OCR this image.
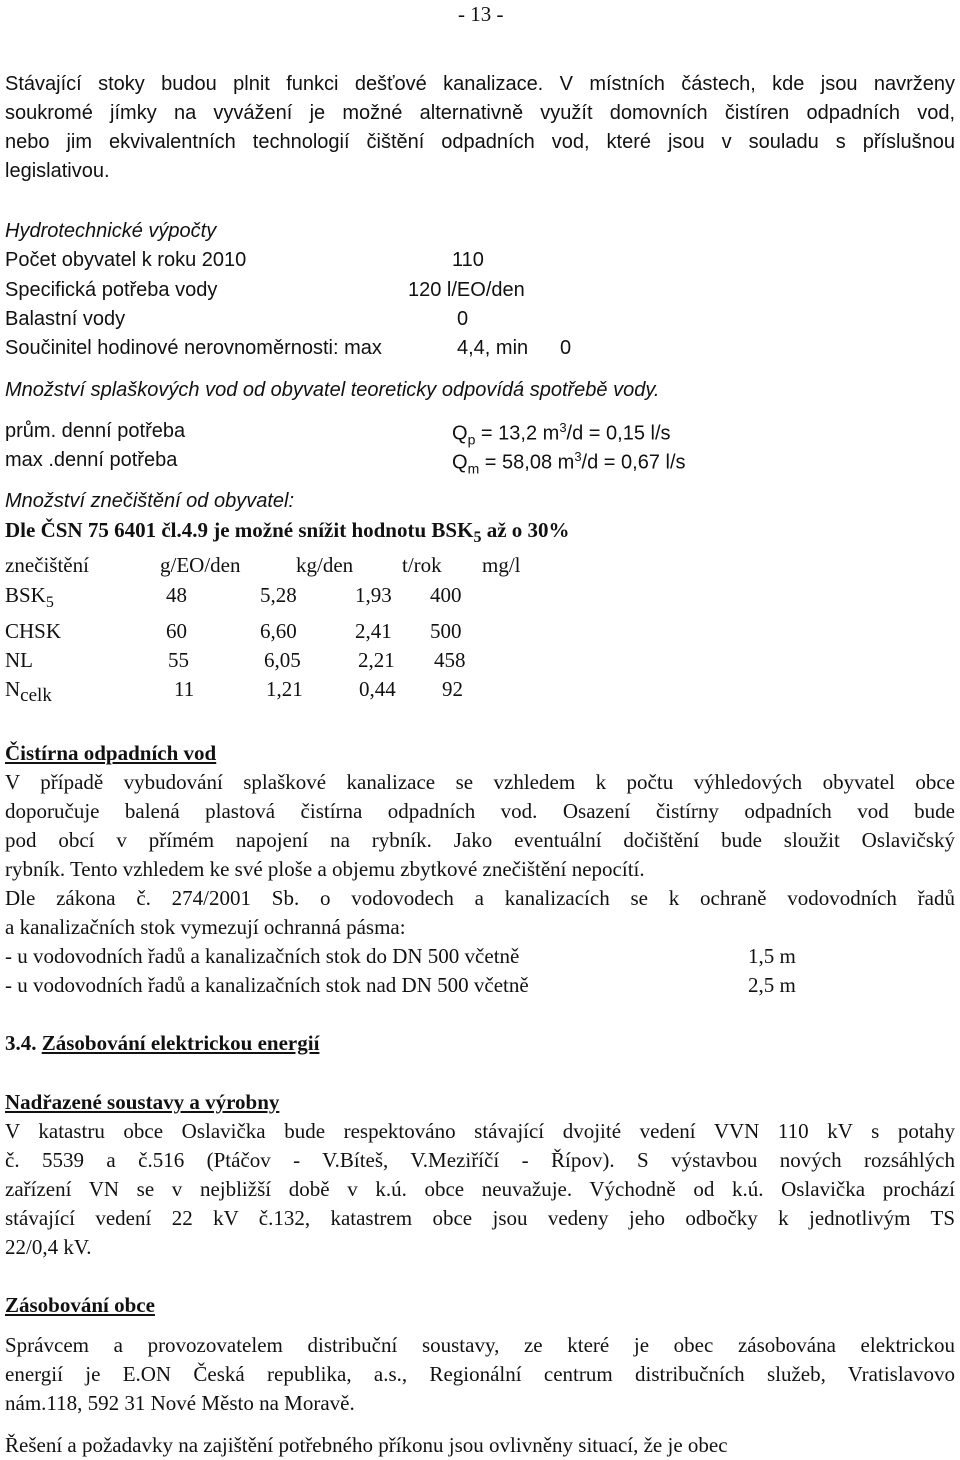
- 13 -
Stávající stoky budou plnit funkci dešťové kanalizace. V místních částech, kde jsou navrženy
soukromé jímky na vyvážení je možné alternativně využít domovních čistíren odpadních vod,
nebo jim ekvivalentních technologií čištění odpadních vod, které jsou v souladu s příslušnou
legislativou.
Hydrotechnické výpočty
Počet obyvatel k roku 2010	110
Specifická potřeba vody	120 l/EO/den
Balastní vody	0
Součinitel hodinové nerovnoměrnosti: max	4,4, min 0
Množství splaškových vod od obyvatel teoreticky odpovídá spotřebě vody.
prům. denní potřeba	$Q_p = 13,2$ $m^3/d = 0,15$ l/s
max .denní potřeba	$Q_m = 58,08$ $m^3/d = 0,67$ l/s
Množství znečištění od obyvatel:
Dle ČSN 75 6401 čl.4.9 je možné snížit hodnotu $BSK_5$ až o 30%
znečištění	g/EO/den	kg/den t/rok mg/l
$BSK_5$	48	5,28	1,93 400
CHSK	60	6,60	2,41 500
NL	55	6,05	2,21 458
$N_{celk}$	11	1,21	0,44 92
Čistírna odpadních vod
V případě vybudování splaškové kanalizace se vzhledem k počtu výhledových obyvatel obce
doporučuje balená plastová čistírna odpadních vod. Osazení čistírny odpadních vod bude
pod obcí v přímém napojení na rybník. Jako eventuální dočištění bude sloužit Oslavičský
rybník. Tento vzhledem ke své ploše a objemu zbytkové znečištění nepocítí.
Dle zákona č. 274/2001 Sb. o vodovodech a kanalizacích se k ochraně vodovodních řadů
a kanalizačních stok vymezují ochranná pásma:
- u vodovodních řadů a kanalizačních stok do DN 500 včetně	1,5 m
- u vodovodních řadů a kanalizačních stok nad DN 500 včetně	2,5 m
3.4. Zásobování elektrickou energií
Nadřazené soustavy a výrobny
V katastru obce Oslavička bude respektováno stávající dvojité vedení VVN 110 kV s potahy
č. 5539 a č.516 (Ptáčov - V.Bíteš, V.Meziříčí - Řípov). S výstavbou nových rozsáhlých
zařízení VN se v nejbližší době v k.ú. obce neuvažuje. Východně od k.ú. Oslavička prochází
stávající vedení 22 kV č.132, katastrem obce jsou vedeny jeho odbočky k jednotlivým TS
22/0,4 kV.
Zásobování obce
Správcem a provozovatelem distribuční soustavy, ze které je obec zásobována elektrickou
energií je E.ON Česká republika, a.s., Regionální centrum distribučních služeb, Vratislavovo
nám.118, 592 31 Nové Město na Moravě.
Řešení a požadavky na zajištění potřebného příkonu jsou ovlivněny situací, že je obec
